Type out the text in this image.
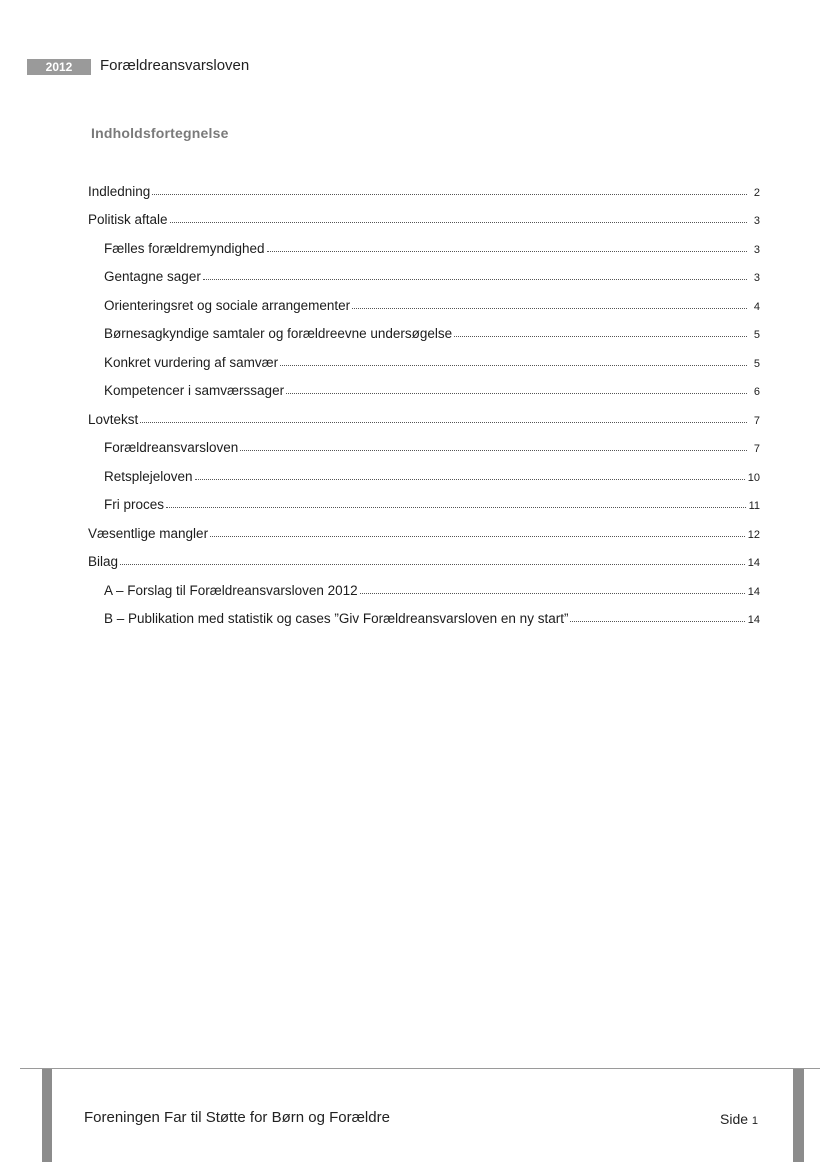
2012	Forældreansvarsloven
Indholdsfortegnelse
Indledning	2
Politisk aftale	3
Fælles forældremyndighed	3
Gentagne sager	3
Orienteringsret og sociale arrangementer	4
Børnesagkyndige samtaler og forældreevne undersøgelse	5
Konkret vurdering af samvær	5
Kompetencer i samværssager	6
Lovtekst	7
Forældreansvarsloven	7
Retsplejeloven	10
Fri proces	11
Væsentlige mangler	12
Bilag	14
A – Forslag til Forældreansvarsloven 2012	14
B – Publikation med statistik og cases ”Giv Forældreansvarsloven en ny start”	14
Foreningen Far til Støtte for Børn og Forældre	Side 1
